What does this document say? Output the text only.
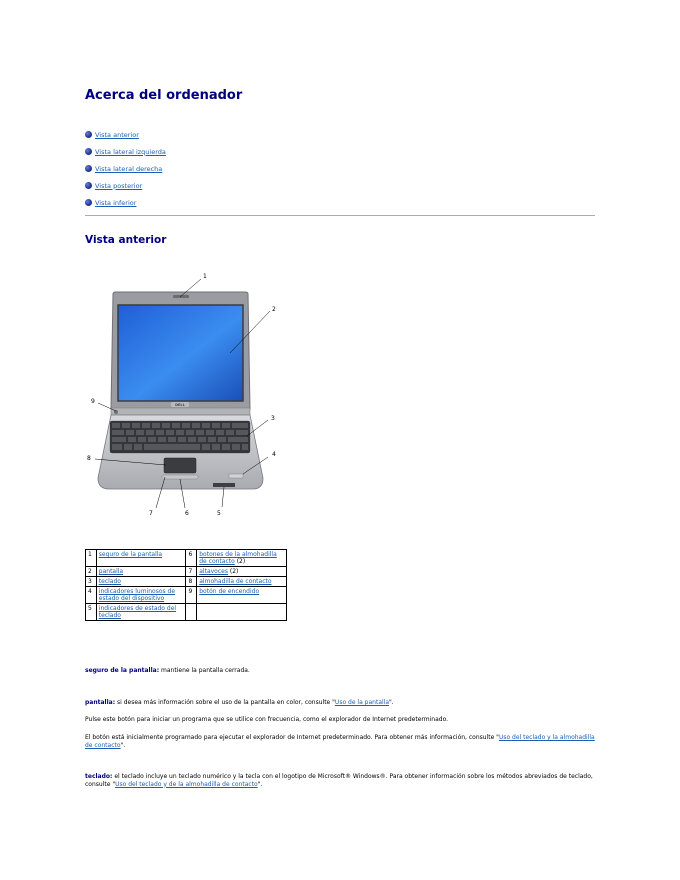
Acerca del ordenador
Vista anterior
Vista lateral izquierda
Vista lateral derecha
Vista posterior
Vista inferior
Vista anterior
DELL
1
2
3
4
5
6
7
8
9
1	seguro de la pantalla	6	botones de la almohadilla de contacto (2)
2	pantalla	7	altavoces (2)
3	teclado	8	almohadilla de contacto
4	indicadores luminosos de estado del dispositivo	9	botón de encendido
5	indicadores de estado del teclado		

seguro de la pantalla: mantiene la pantalla cerrada.

pantalla: si desea más información sobre el uso de la pantalla en color, consulte "Uso de la pantalla".

Pulse este botón para iniciar un programa que se utilice con frecuencia, como el explorador de Internet predeterminado.

El botón está inicialmente programado para ejecutar el explorador de Internet predeterminado. Para obtener más información, consulte "Uso del teclado y la almohadilla de contacto".

teclado: el teclado incluye un teclado numérico y la tecla con el logotipo de Microsoft® Windows®. Para obtener información sobre los métodos abreviados de teclado, consulte "Uso del teclado y de la almohadilla de contacto".
